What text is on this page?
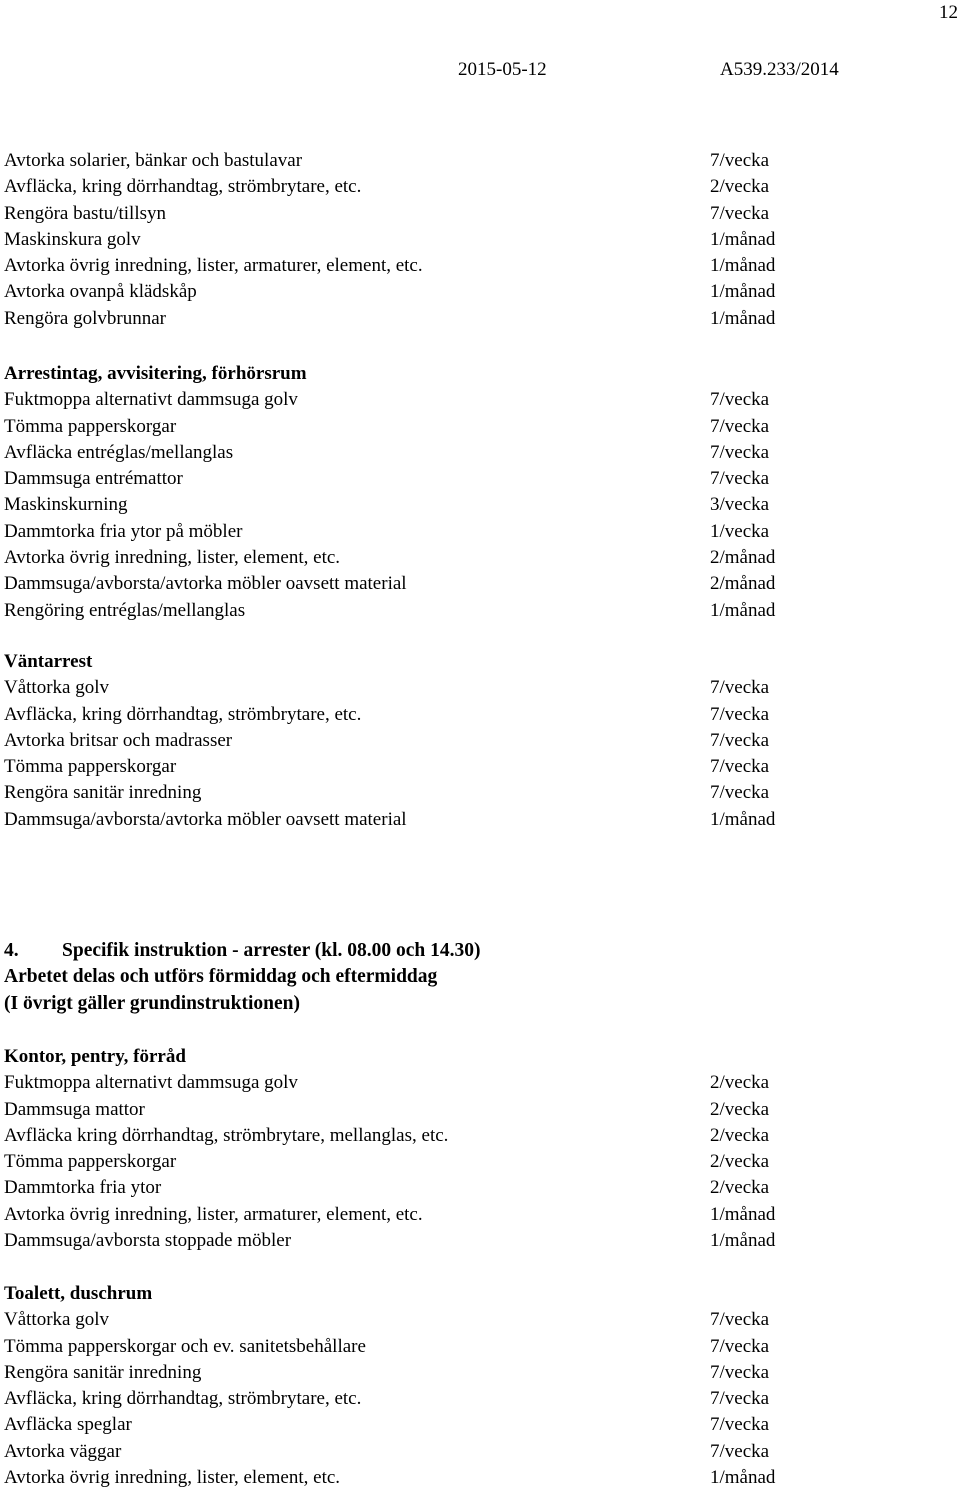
12
2015-05-12	A539.233/2014
Avtorka solarier, bänkar och bastulavar	7/vecka
Avfläcka, kring dörrhandtag, strömbrytare, etc.	2/vecka
Rengöra bastu/tillsyn	7/vecka
Maskinskura golv	1/månad
Avtorka övrig inredning, lister, armaturer, element, etc.	1/månad
Avtorka ovanpå klädskåp	1/månad
Rengöra golvbrunnar	1/månad
Arrestintag, avvisitering, förhörsrum
Fuktmoppa alternativt dammsuga golv	7/vecka
Tömma papperskorgar	7/vecka
Avfläcka entréglas/mellanglas	7/vecka
Dammsuga entrémattor	7/vecka
Maskinskurning	3/vecka
Dammtorka fria ytor på möbler	1/vecka
Avtorka övrig inredning, lister, element, etc.	2/månad
Dammsuga/avborsta/avtorka möbler oavsett material	2/månad
Rengöring entréglas/mellanglas	1/månad
Väntarrest
Våttorka golv	7/vecka
Avfläcka, kring dörrhandtag, strömbrytare, etc.	7/vecka
Avtorka britsar och madrasser	7/vecka
Tömma papperskorgar	7/vecka
Rengöra sanitär inredning	7/vecka
Dammsuga/avborsta/avtorka möbler oavsett material	1/månad
4. Specifik instruktion - arrester (kl. 08.00 och 14.30)
Arbetet delas och utförs förmiddag och eftermiddag
(I övrigt gäller grundinstruktionen)
Kontor, pentry, förråd
Fuktmoppa alternativt dammsuga golv	2/vecka
Dammsuga mattor	2/vecka
Avfläcka kring dörrhandtag, strömbrytare, mellanglas, etc.	2/vecka
Tömma papperskorgar	2/vecka
Dammtorka fria ytor	2/vecka
Avtorka övrig inredning, lister, armaturer, element, etc.	1/månad
Dammsuga/avborsta stoppade möbler	1/månad
Toalett, duschrum
Våttorka golv	7/vecka
Tömma papperskorgar och ev. sanitetsbehållare	7/vecka
Rengöra sanitär inredning	7/vecka
Avfläcka, kring dörrhandtag, strömbrytare, etc.	7/vecka
Avfläcka speglar	7/vecka
Avtorka väggar	7/vecka
Avtorka övrig inredning, lister, element, etc.	1/månad
